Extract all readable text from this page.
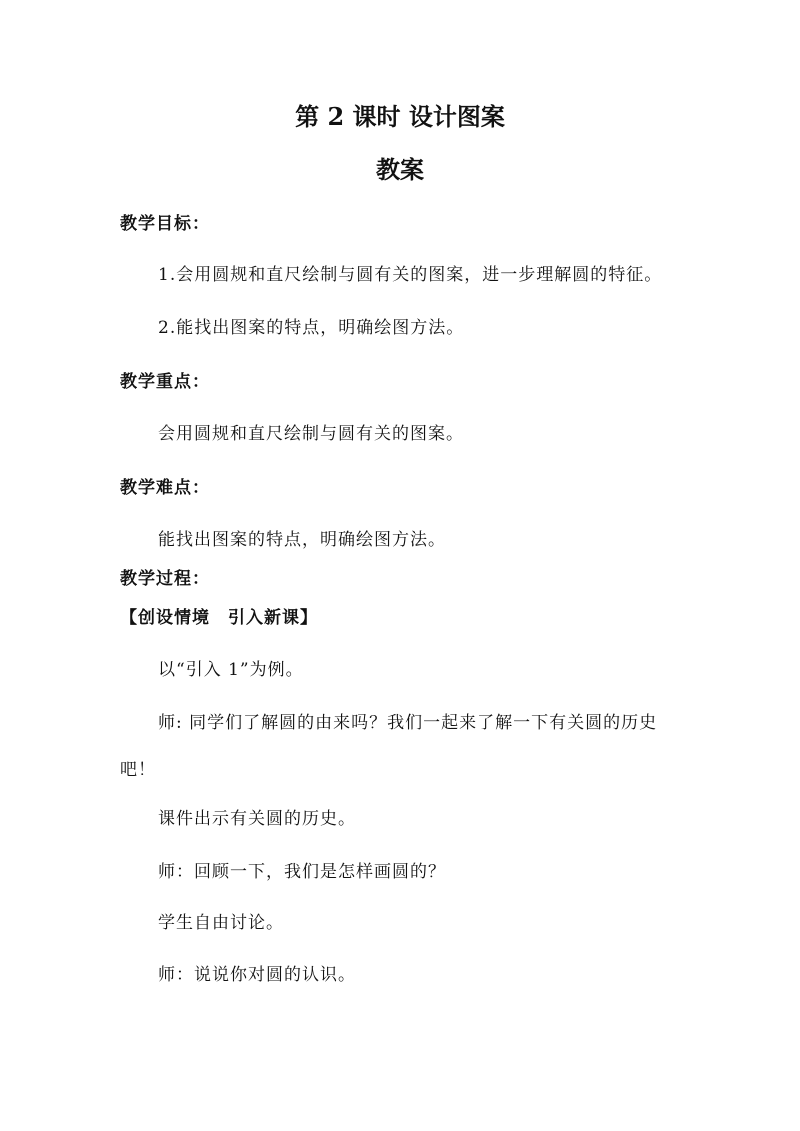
第 2 课时 设计图案
教案

教学目标：

1.会用圆规和直尺绘制与圆有关的图案，进一步理解圆的特征。

2.能找出图案的特点，明确绘图方法。

教学重点：

会用圆规和直尺绘制与圆有关的图案。

教学难点：

能找出图案的特点，明确绘图方法。

教学过程：

【创设情境　引入新课】

以“引入 1”为例。

师: 同学们了解圆的由来吗？我们一起来了解一下有关圆的历史

吧！

课件出示有关圆的历史。

师：回顾一下，我们是怎样画圆的？

学生自由讨论。

师：说说你对圆的认识。
